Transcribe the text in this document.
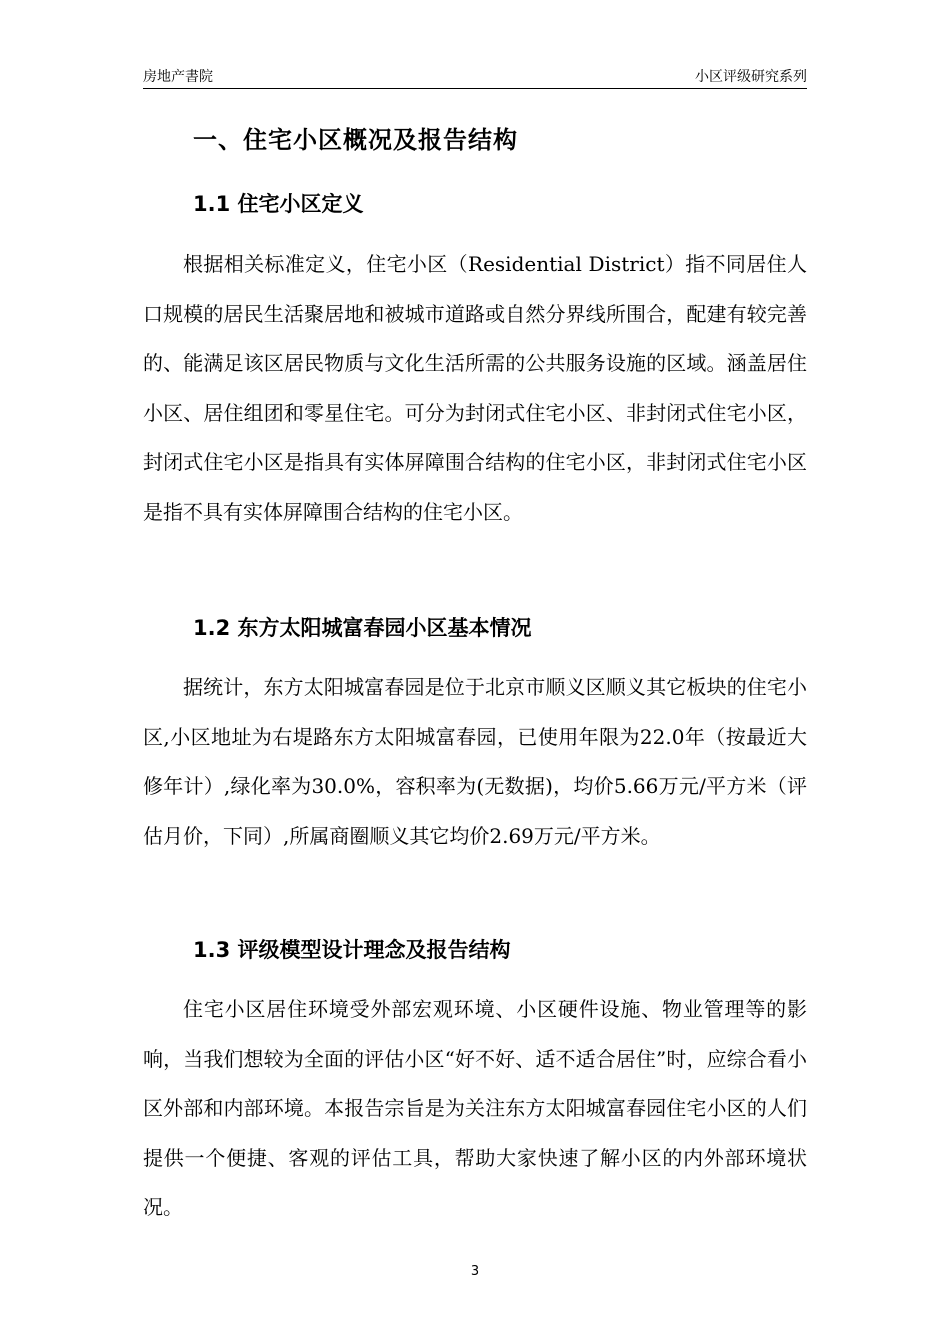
房地产書院	小区评级研究系列
一、住宅小区概况及报告结构
1.1 住宅小区定义
根据相关标准定义，住宅小区（Residential District）指不同居住人口规模的居民生活聚居地和被城市道路或自然分界线所围合，配建有较完善的、能满足该区居民物质与文化生活所需的公共服务设施的区域。涵盖居住小区、居住组团和零星住宅。可分为封闭式住宅小区、非封闭式住宅小区，封闭式住宅小区是指具有实体屏障围合结构的住宅小区，非封闭式住宅小区是指不具有实体屏障围合结构的住宅小区。
1.2 东方太阳城富春园小区基本情况
据统计，东方太阳城富春园是位于北京市顺义区顺义其它板块的住宅小区,小区地址为右堤路东方太阳城富春园，已使用年限为22.0年（按最近大修年计）,绿化率为30.0%，容积率为(无数据)，均价5.66万元/平方米（评估月价，下同）,所属商圈顺义其它均价2.69万元/平方米。
1.3 评级模型设计理念及报告结构
住宅小区居住环境受外部宏观环境、小区硬件设施、物业管理等的影响，当我们想较为全面的评估小区“好不好、适不适合居住”时，应综合看小区外部和内部环境。本报告宗旨是为关注东方太阳城富春园住宅小区的人们提供一个便捷、客观的评估工具，帮助大家快速了解小区的内外部环境状况。
3
